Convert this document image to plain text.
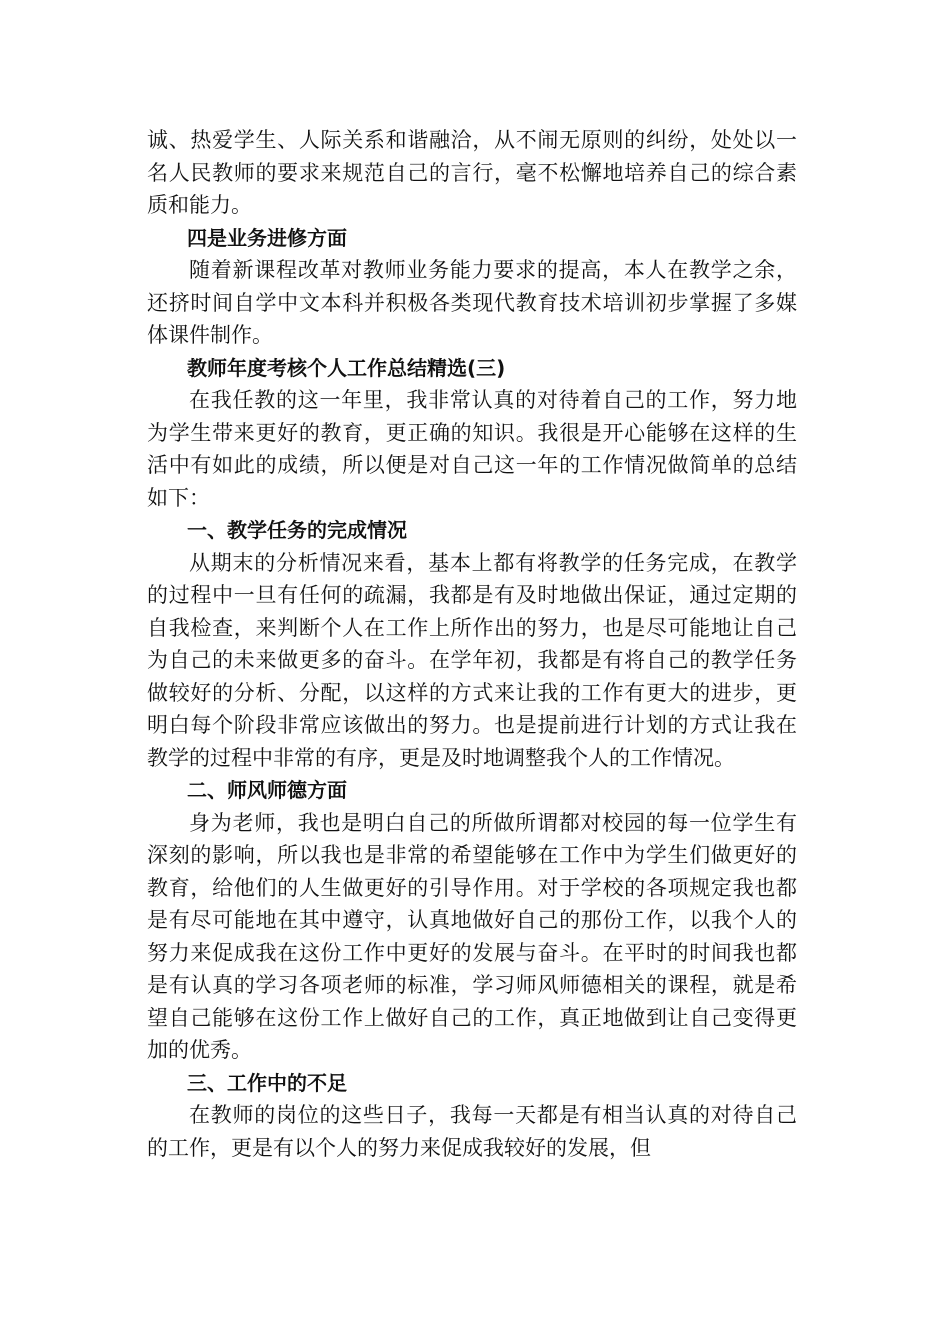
诚、热爱学生、人际关系和谐融洽，从不闹无原则的纠纷，处处以一名人民教师的要求来规范自己的言行，毫不松懈地培养自己的综合素质和能力。

四是业务进修方面

随着新课程改革对教师业务能力要求的提高，本人在教学之余，还挤时间自学中文本科并积极各类现代教育技术培训初步掌握了多媒体课件制作。

教师年度考核个人工作总结精选(三)

在我任教的这一年里，我非常认真的对待着自己的工作，努力地为学生带来更好的教育，更正确的知识。我很是开心能够在这样的生活中有如此的成绩，所以便是对自己这一年的工作情况做简单的总结如下：

一、教学任务的完成情况

从期末的分析情况来看，基本上都有将教学的任务完成，在教学的过程中一旦有任何的疏漏，我都是有及时地做出保证，通过定期的自我检查，来判断个人在工作上所作出的努力，也是尽可能地让自己为自己的未来做更多的奋斗。在学年初，我都是有将自己的教学任务做较好的分析、分配，以这样的方式来让我的工作有更大的进步，更明白每个阶段非常应该做出的努力。也是提前进行计划的方式让我在教学的过程中非常的有序，更是及时地调整我个人的工作情况。

二、师风师德方面

身为老师，我也是明白自己的所做所谓都对校园的每一位学生有深刻的影响，所以我也是非常的希望能够在工作中为学生们做更好的教育，给他们的人生做更好的引导作用。对于学校的各项规定我也都是有尽可能地在其中遵守，认真地做好自己的那份工作，以我个人的努力来促成我在这份工作中更好的发展与奋斗。在平时的时间我也都是有认真的学习各项老师的标准，学习师风师德相关的课程，就是希望自己能够在这份工作上做好自己的工作，真正地做到让自己变得更加的优秀。

三、工作中的不足

在教师的岗位的这些日子，我每一天都是有相当认真的对待自己的工作，更是有以个人的努力来促成我较好的发展，但
